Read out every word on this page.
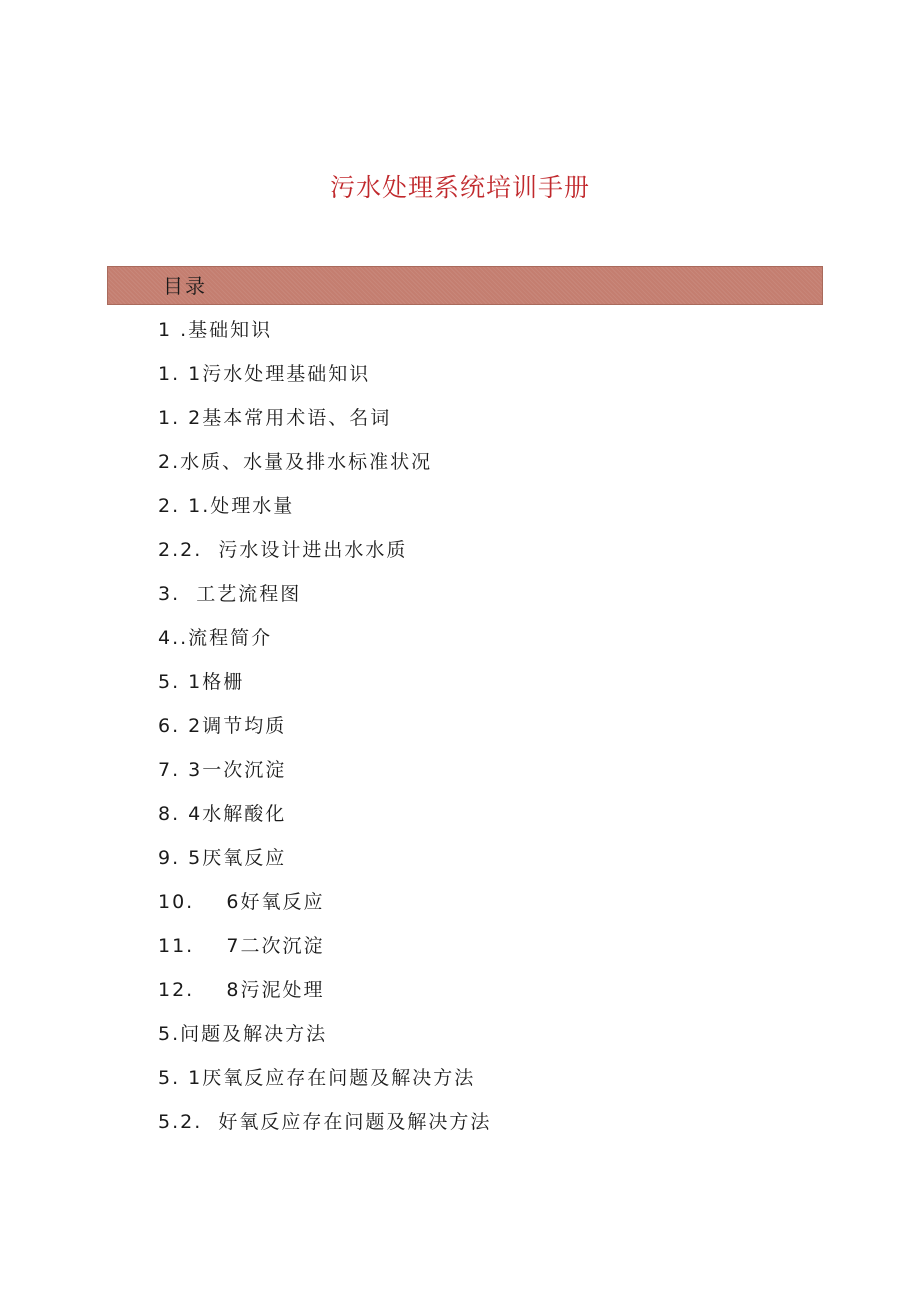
污水处理系统培训手册
目录
1 .基础知识
1. 1污水处理基础知识
1. 2基本常用术语、名词
2.水质、水量及排水标准状况
2. 1.处理水量
2.2.  污水设计进出水水质
3.  工艺流程图
4..流程简介
5. 1格栅
6. 2调节均质
7. 3一次沉淀
8. 4水解酸化
9. 5厌氧反应
10.    6好氧反应
11.    7二次沉淀
12.    8污泥处理
5.问题及解决方法
5. 1厌氧反应存在问题及解决方法
5.2.  好氧反应存在问题及解决方法
